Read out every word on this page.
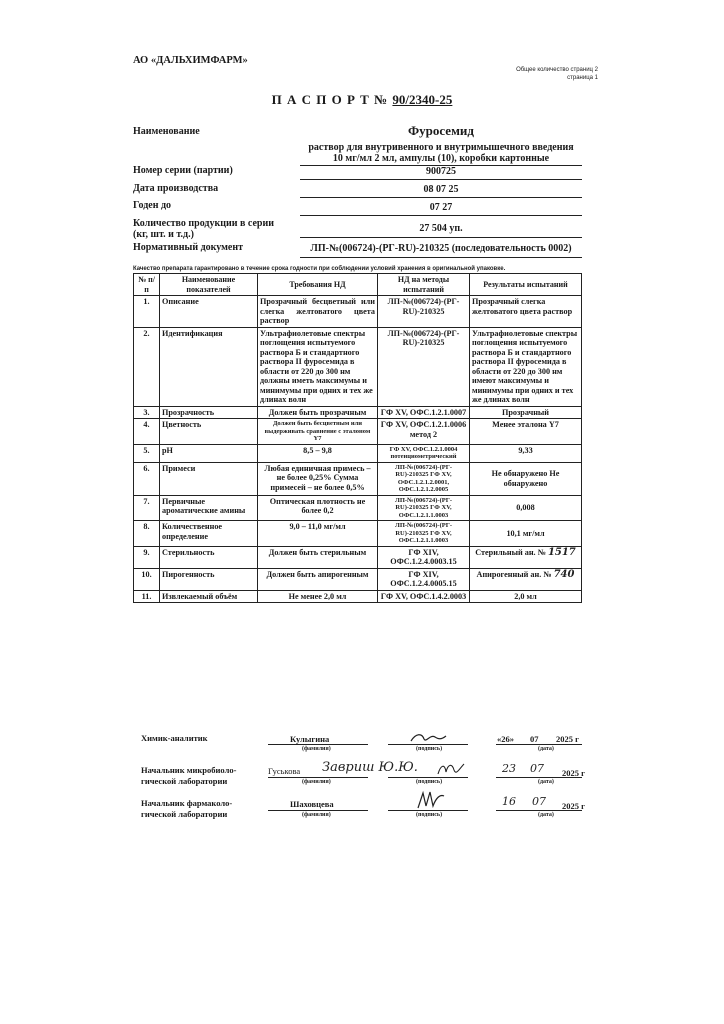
АО «ДАЛЬХИМФАРМ»
Общее количество страниц 2
страница 1
П А С П О Р Т № 90/2340-25
Наименование	Фуросемид
раствор для внутривенного и внутримышечного введения
10 мг/мл 2 мл, ампулы (10), коробки картонные
Номер серии (партии)	900725
Дата производства	08 07 25
Годен до	07 27
Количество продукции в серии
(кг, шт. и т.д.)
27 504 уп.
Нормативный документ	ЛП-№(006724)-(РГ-RU)-210325 (последовательность 0002)
Качество препарата гарантировано в течение срока годности при соблюдении условий хранения в оригинальной упаковке.
№ п/п	Наименование показателей	Требования НД	НД на методы испытаний	Результаты испытаний
1.	Описание	Прозрачный бесцветный или слегка желтоватого цвета раствор	ЛП-№(006724)-(РГ-RU)-210325	Прозрачный слегка желтоватого цвета раствор
2.	Идентификация	Ультрафиолетовые спектры поглощения испытуемого раствора Б и стандартного раствора II фуросемида в области от 220 до 300 нм должны иметь максимумы и минимумы при одних и тех же длинах волн	ЛП-№(006724)-(РГ-RU)-210325	Ультрафиолетовые спектры поглощения испытуемого раствора Б и стандартного раствора II фуросемида в области от 220 до 300 нм имеют максимумы и минимумы при одних и тех же длинах волн
3.	Прозрачность	Должен быть прозрачным	ГФ XV, ОФС.1.2.1.0007	Прозрачный
4.	Цветность	Должен быть бесцветным или выдерживать сравнение с эталоном Y7	ГФ XV, ОФС.1.2.1.0006 метод 2	Менее эталона Y7
5.	pH	8,5 – 9,8	ГФ XV, ОФС.1.2.1.0004 потенциометрический	9,33
6.	Примеси	Любая единичная примесь – не более 0,25% Сумма примесей – не более 0,5%	ЛП-№(006724)-(РГ-RU)-210325 ГФ XV, ОФС.1.2.1.2.0001, ОФС.1.2.1.2.0005	Не обнаружено Не обнаружено
7.	Первичные ароматические амины	Оптическая плотность не более 0,2	ЛП-№(006724)-(РГ-RU)-210325 ГФ XV, ОФС.1.2.1.1.0003	0,008
8.	Количественное определение	9,0 – 11,0 мг/мл	ЛП-№(006724)-(РГ-RU)-210325 ГФ XV, ОФС.1.2.1.1.0003	10,1 мг/мл
9.	Стерильность	Должен быть стерильным	ГФ XIV, ОФС.1.2.4.0003.15	Стерильный ан. № 1517
10.	Пирогенность	Должен быть апирогенным	ГФ XIV, ОФС.1.2.4.0005.15	Апирогенный ан. № 740
11.	Извлекаемый объём	Не менее 2,0 мл	ГФ XV, ОФС.1.4.2.0003	2,0 мл
Химик-аналитик	Кулыгина
(фамилия)	(подпись)
«26» 07 2025 г
(дата)
Начальник микробиоло-
гической лаборатории
Гуськова Завриш Ю.Ю.
(фамилия)	(подпись)
23 07 2025 г
(дата)
Начальник фармаколо-
гической лаборатории
Шаховцева
(фамилия)	(подпись)
16 07 2025 г
(дата)
